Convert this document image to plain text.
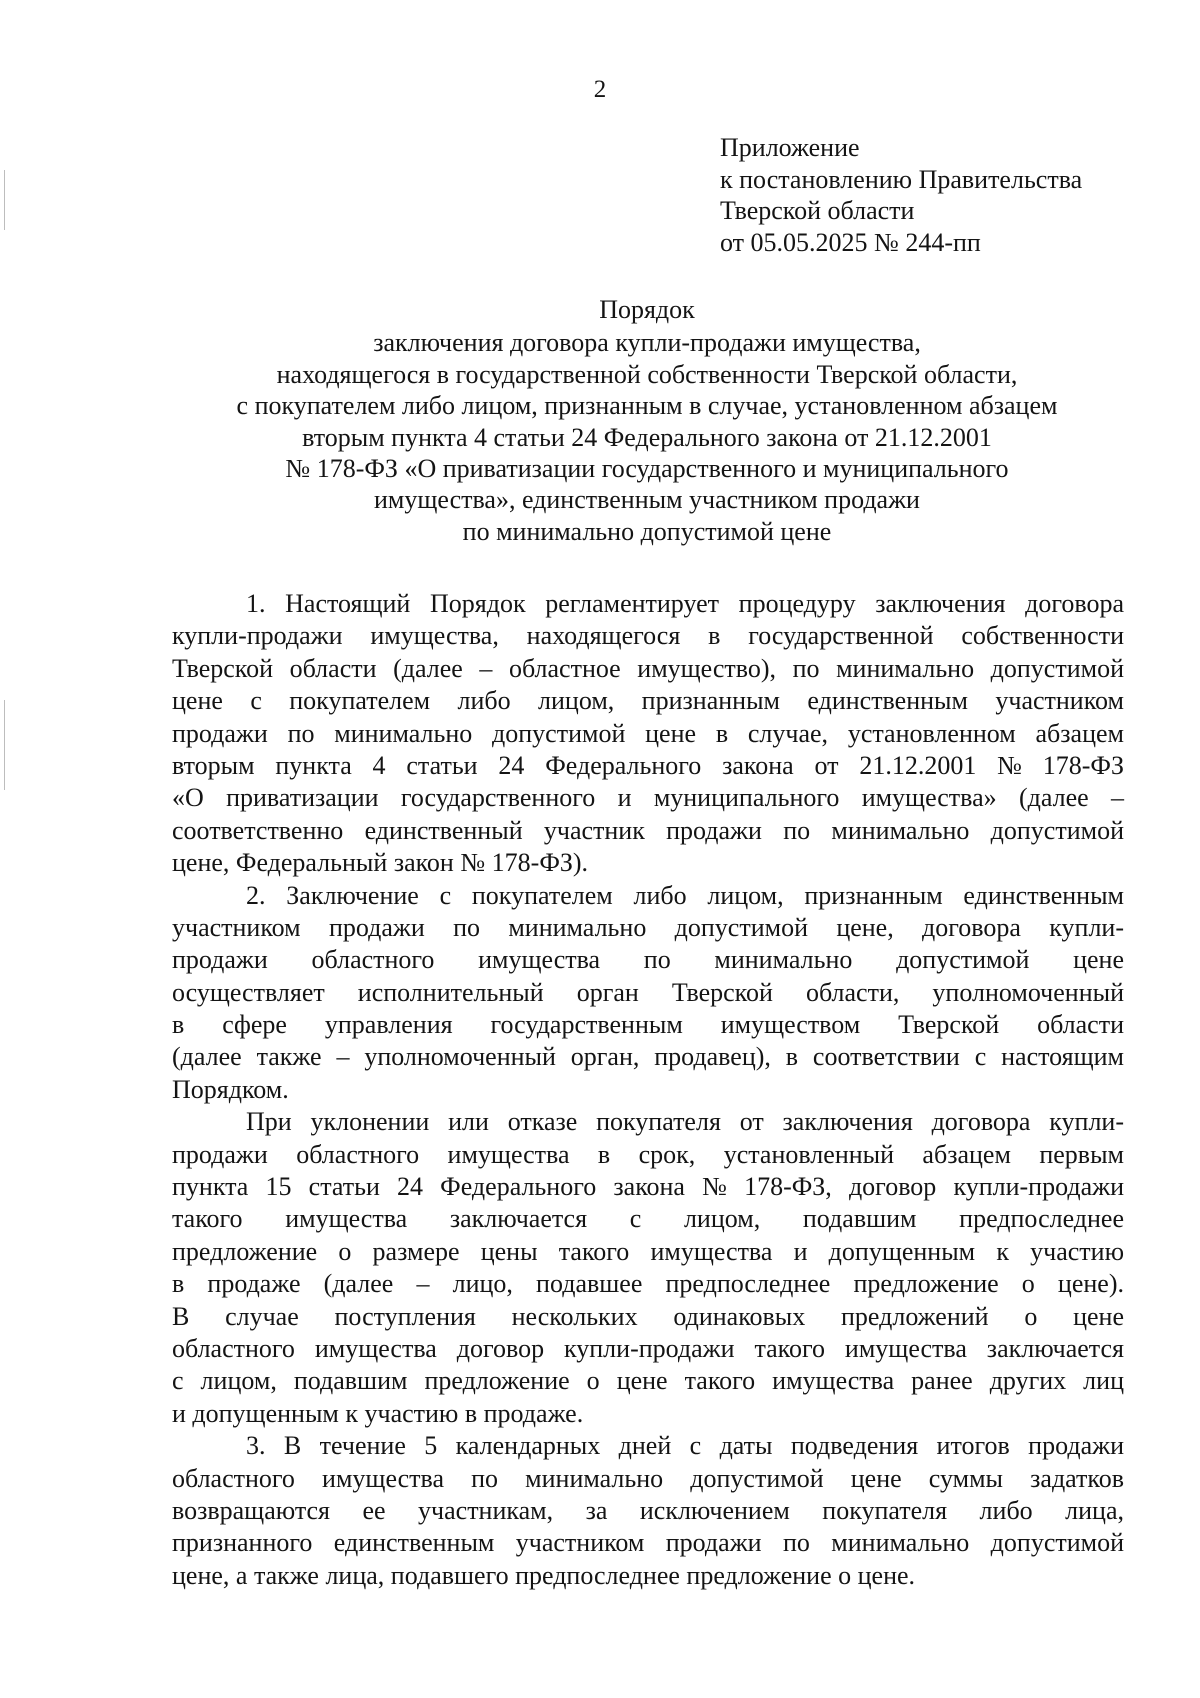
2
Приложение
к постановлению Правительства
Тверской области
от 05.05.2025 № 244-пп
Порядок
заключения договора купли-продажи имущества,
находящегося в государственной собственности Тверской области,
с покупателем либо лицом, признанным в случае, установленном абзацем
вторым пункта 4 статьи 24 Федерального закона от 21.12.2001
№ 178-ФЗ «О приватизации государственного и муниципального
имущества», единственным участником продажи
по минимально допустимой цене
1. Настоящий Порядок регламентирует процедуру заключения договора
купли-продажи имущества, находящегося в государственной собственности
Тверской области (далее – областное имущество), по минимально допустимой
цене с покупателем либо лицом, признанным единственным участником
продажи по минимально допустимой цене в случае, установленном абзацем
вторым пункта 4 статьи 24 Федерального закона от 21.12.2001 № 178-ФЗ
«О приватизации государственного и муниципального имущества» (далее –
соответственно единственный участник продажи по минимально допустимой
цене, Федеральный закон № 178-ФЗ).
2. Заключение с покупателем либо лицом, признанным единственным
участником продажи по минимально допустимой цене, договора купли-
продажи областного имущества по минимально допустимой цене
осуществляет исполнительный орган Тверской области, уполномоченный
в сфере управления государственным имуществом Тверской области
(далее также – уполномоченный орган, продавец), в соответствии с настоящим
Порядком.
При уклонении или отказе покупателя от заключения договора купли-
продажи областного имущества в срок, установленный абзацем первым
пункта 15 статьи 24 Федерального закона № 178-ФЗ, договор купли-продажи
такого имущества заключается с лицом, подавшим предпоследнее
предложение о размере цены такого имущества и допущенным к участию
в продаже (далее – лицо, подавшее предпоследнее предложение о цене).
В случае поступления нескольких одинаковых предложений о цене
областного имущества договор купли-продажи такого имущества заключается
с лицом, подавшим предложение о цене такого имущества ранее других лиц
и допущенным к участию в продаже.
3. В течение 5 календарных дней с даты подведения итогов продажи
областного имущества по минимально допустимой цене суммы задатков
возвращаются ее участникам, за исключением покупателя либо лица,
признанного единственным участником продажи по минимально допустимой
цене, а также лица, подавшего предпоследнее предложение о цене.
